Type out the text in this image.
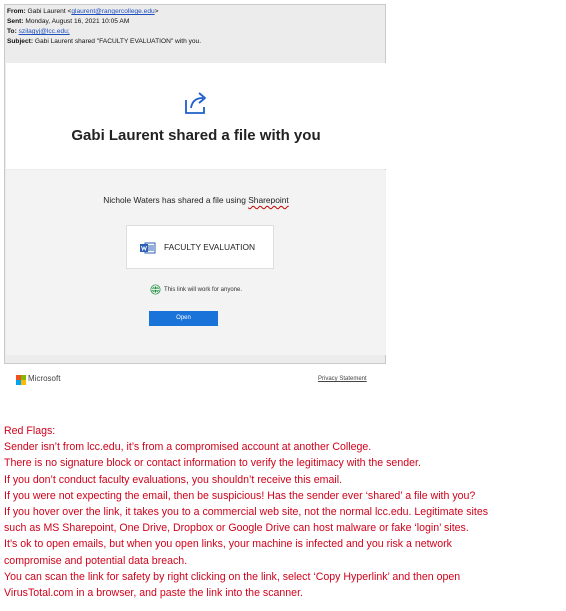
From: Gabi Laurent <glaurent@rangercollege.edu>
Sent: Monday, August 16, 2021 10:05 AM
To: szilagyj@lcc.edu;
Subject: Gabi Laurent shared "FACULTY EVALUATION" with you.
Gabi Laurent shared a file with you
Nichole Waters has shared a file using Sharepoint
FACULTY EVALUATION
This link will work for anyone.
Open
Microsoft	Privacy Statement
Red Flags:
Sender isn’t from lcc.edu, it’s from a compromised account at another College.
There is no signature block or contact information to verify the legitimacy with the sender.
If you don’t conduct faculty evaluations, you shouldn’t receive this email.
If you were not expecting the email, then be suspicious! Has the sender ever ‘shared’ a file with you?
If you hover over the link, it takes you to a commercial web site, not the normal lcc.edu. Legitimate sites
such as MS Sharepoint, One Drive, Dropbox or Google Drive can host malware or fake ‘login’ sites.
It’s ok to open emails, but when you open links, your machine is infected and you risk a network
compromise and potential data breach.
You can scan the link for safety by right clicking on the link, select ‘Copy Hyperlink’ and then open
VirusTotal.com in a browser, and paste the link into the scanner.
